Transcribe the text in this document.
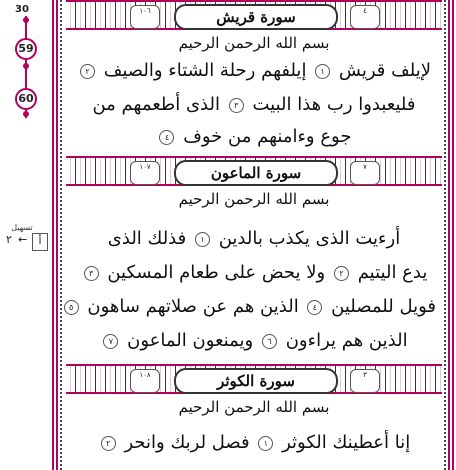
30
59
60
تسهيل
٢ ←	أ
١٠٦	سورة قريش	٤
بسم الله الرحمن الرحيم
لإيلف قريش ١ إيلفهم رحلة الشتاء والصيف ٢
فليعبدوا رب هذا البيت ٣ الذى أطعمهم من
جوع وءامنهم من خوف ٤
١٠٧	سورة الماعون	٧
بسم الله الرحمن الرحيم
أرءيت الذى يكذب بالدين ١ فذلك الذى
يدع اليتيم ٢ ولا يحض على طعام المسكين ٣
فويل للمصلين ٤ الذين هم عن صلاتهم ساهون ٥
الذين هم يراءون ٦ ويمنعون الماعون ٧
١٠٨	سورة الكوثر	٣
بسم الله الرحمن الرحيم
إنا أعطينك الكوثر ١ فصل لربك وانحر ٢
